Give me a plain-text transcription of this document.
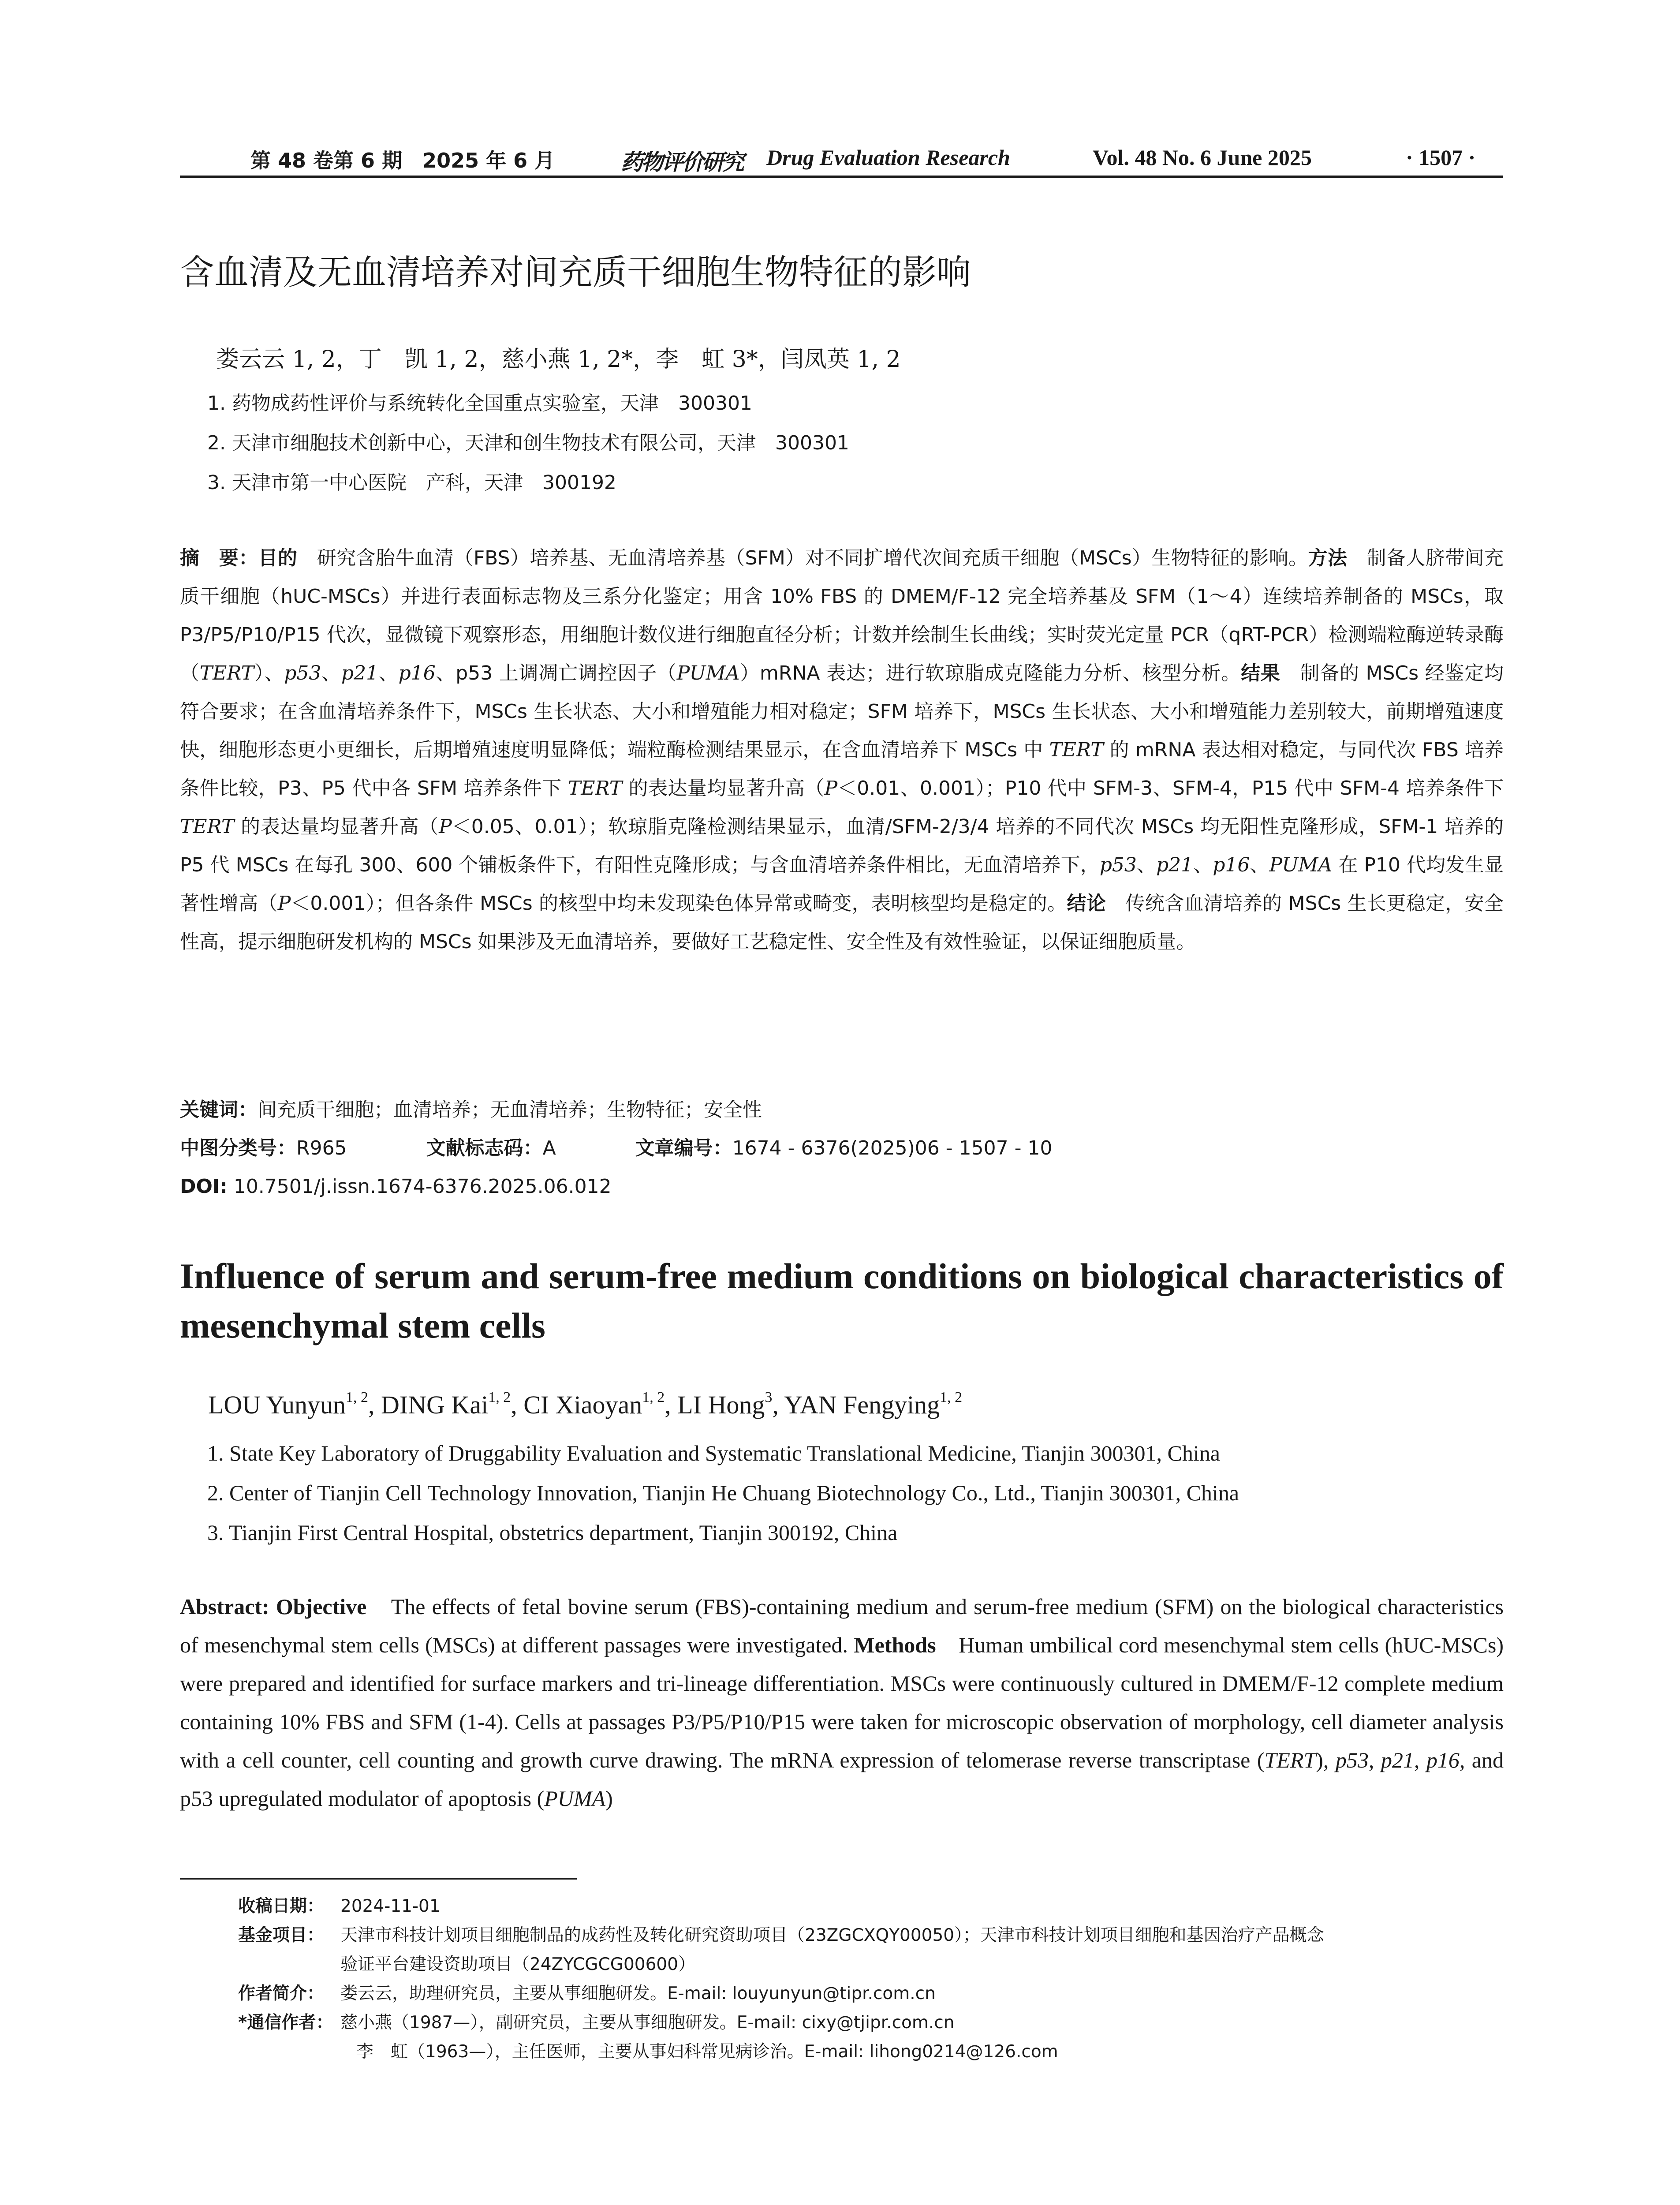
第 48 卷第 6 期　2025 年 6 月	药物评价研究 Drug Evaluation Research	Vol. 48 No. 6 June 2025	· 1507 ·
含血清及无血清培养对间充质干细胞生物特征的影响
娄云云 1, 2，丁　凯 1, 2，慈小燕 1, 2*，李　虹 3*，闫凤英 1, 2
1. 药物成药性评价与系统转化全国重点实验室，天津　300301
2. 天津市细胞技术创新中心，天津和创生物技术有限公司，天津　300301
3. 天津市第一中心医院　产科，天津　300192

摘　要：目的　研究含胎牛血清（FBS）培养基、无血清培养基（SFM）对不同扩增代次间充质干细胞（MSCs）生物特征的影响。方法　制备人脐带间充质干细胞（hUC-MSCs）并进行表面标志物及三系分化鉴定；用含 10% FBS 的 DMEM/F-12 完全培养基及 SFM（1～4）连续培养制备的 MSCs，取 P3/P5/P10/P15 代次，显微镜下观察形态，用细胞计数仪进行细胞直径分析；计数并绘制生长曲线；实时荧光定量 PCR（qRT-PCR）检测端粒酶逆转录酶（TERT）、p53、p21、p16、p53 上调凋亡调控因子（PUMA）mRNA 表达；进行软琼脂成克隆能力分析、核型分析。结果　制备的 MSCs 经鉴定均符合要求；在含血清培养条件下，MSCs 生长状态、大小和增殖能力相对稳定；SFM 培养下，MSCs 生长状态、大小和增殖能力差别较大，前期增殖速度快，细胞形态更小更细长，后期增殖速度明显降低；端粒酶检测结果显示，在含血清培养下 MSCs 中 TERT 的 mRNA 表达相对稳定，与同代次 FBS 培养条件比较，P3、P5 代中各 SFM 培养条件下 TERT 的表达量均显著升高（P＜0.01、0.001）；P10 代中 SFM-3、SFM-4，P15 代中 SFM-4 培养条件下 TERT 的表达量均显著升高（P＜0.05、0.01）；软琼脂克隆检测结果显示，血清/SFM-2/3/4 培养的不同代次 MSCs 均无阳性克隆形成，SFM-1 培养的 P5 代 MSCs 在每孔 300、600 个铺板条件下，有阳性克隆形成；与含血清培养条件相比，无血清培养下，p53、p21、p16、PUMA 在 P10 代均发生显著性增高（P＜0.001）；但各条件 MSCs 的核型中均未发现染色体异常或畸变，表明核型均是稳定的。结论　传统含血清培养的 MSCs 生长更稳定，安全性高，提示细胞研发机构的 MSCs 如果涉及无血清培养，要做好工艺稳定性、安全性及有效性验证，以保证细胞质量。

关键词：间充质干细胞；血清培养；无血清培养；生物特征；安全性
中图分类号：R965	文献标志码：A	文章编号：1674 - 6376(2025)06 - 1507 - 10
DOI: 10.7501/j.issn.1674-6376.2025.06.012
Influence of serum and serum-free medium conditions on biological characteristics of mesenchymal stem cells
LOU Yunyun$^{1, 2}$, DING Kai$^{1, 2}$, CI Xiaoyan$^{1, 2}$, LI Hong$^3$, YAN Fengying$^{1, 2}$
1. State Key Laboratory of Druggability Evaluation and Systematic Translational Medicine, Tianjin 300301, China
2. Center of Tianjin Cell Technology Innovation, Tianjin He Chuang Biotechnology Co., Ltd., Tianjin 300301, China
3. Tianjin First Central Hospital, obstetrics department, Tianjin 300192, China
Abstract: Objective　The effects of fetal bovine serum (FBS)-containing medium and serum-free medium (SFM) on the biological characteristics of mesenchymal stem cells (MSCs) at different passages were investigated. Methods　Human umbilical cord mesenchymal stem cells (hUC-MSCs) were prepared and identified for surface markers and tri-lineage differentiation. MSCs were continuously cultured in DMEM/F-12 complete medium containing 10% FBS and SFM (1-4). Cells at passages P3/P5/P10/P15 were taken for microscopic observation of morphology, cell diameter analysis with a cell counter, cell counting and growth curve drawing. The mRNA expression of telomerase reverse transcriptase (TERT), p53, p21, p16, and p53 upregulated modulator of apoptosis (PUMA)
收稿日期： 2024-11-01
基金项目： 天津市科技计划项目细胞制品的成药性及转化研究资助项目（23ZGCXQY00050）；天津市科技计划项目细胞和基因治疗产品概念
验证平台建设资助项目（24ZYCGCG00600）
作者简介： 娄云云，助理研究员，主要从事细胞研发。E-mail: louyunyun@tipr.com.cn
*通信作者： 慈小燕（1987—），副研究员，主要从事细胞研发。E-mail: cixy@tjipr.com.cn
李　虹（1963—），主任医师，主要从事妇科常见病诊治。E-mail: lihong0214@126.com
